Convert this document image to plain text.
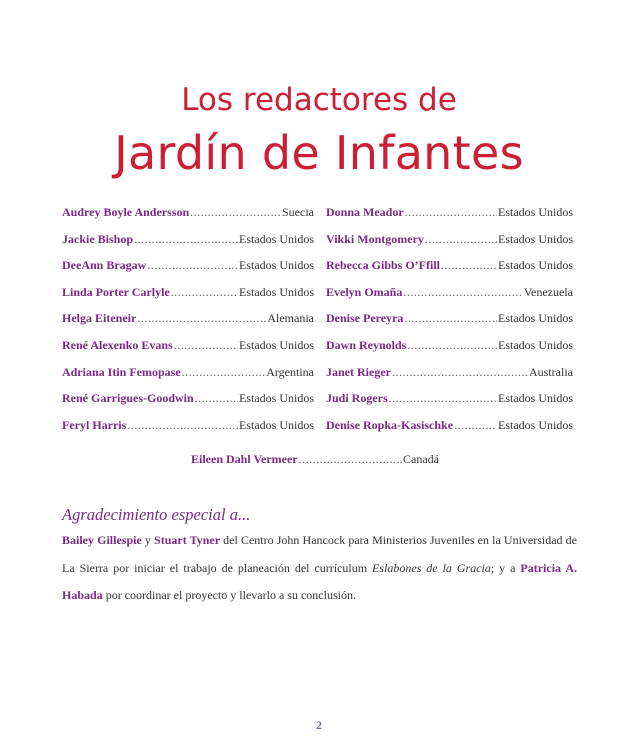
Los redactores de
Jardín de Infantes
Audrey Boyle Andersson .....	Suecia
Jackie Bishop .....	Estados Unidos
DeeAnn Bragaw .....	Estados Unidos
Linda Porter Carlyle .....	Estados Unidos
Helga Eiteneir .....	Alemania
René Alexenko Evans .....	Estados Unidos
Adriana Itin Femopase .....	Argentina
René Garrigues-Goodwin .....	Estados Unidos
Feryl Harris .....	Estados Unidos
Donna Meador .....	Estados Unidos
Vikki Montgomery .....	Estados Unidos
Rebecca Gibbs O’Ffill .....	Estados Unidos
Evelyn Omaña .....	Venezuela
Denise Pereyra .....	Estados Unidos
Dawn Reynolds .....	Estados Unidos
Janet Rieger .....	Australia
Judi Rogers .....	Estados Unidos
Denise Ropka-Kasischke .....	Estados Unidos
Eileen Dahl Vermeer .....	Canadá
Agradecimiento especial a...
Bailey Gillespie y Stuart Tyner del Centro John Hancock para Ministerios Juveniles en la Universidad de La Sierra por iniciar el trabajo de planeación del currículum Eslabones de la Gracia; y a Patricia A. Habada por coordinar el proyecto y llevarlo a su conclusión.
2
